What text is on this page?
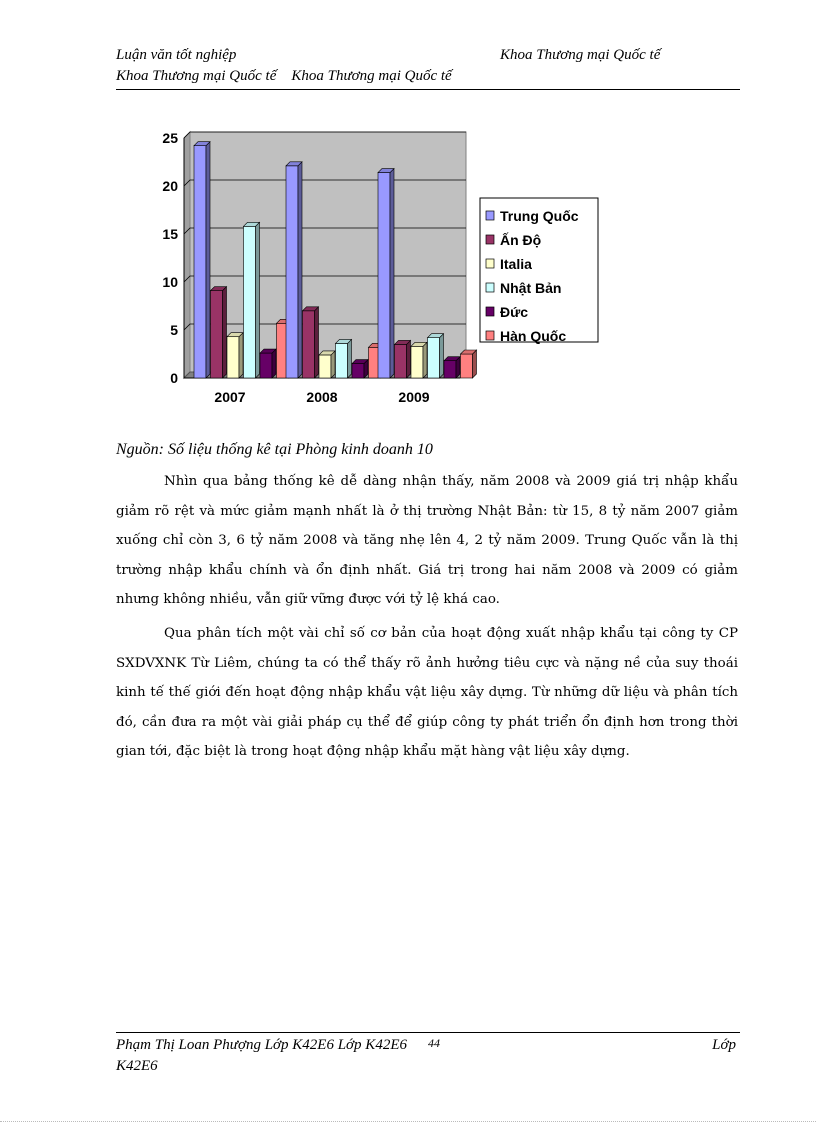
Luận văn tốt nghiệp	Khoa Thương mại Quốc tế
Khoa Thương mại Quốc tế    Khoa Thương mại Quốc tế
0
5
10
15
20
25
2007	2008	2009
Trung Quốc
Ấn Độ
Italia
Nhật Bản
Đức
Hàn Quốc
Nguồn: Số liệu thống kê tại Phòng kinh doanh 10
Nhìn qua bảng thống kê dễ dàng nhận thấy, năm 2008 và 2009 giá trị nhập khẩu giảm rõ rệt và mức giảm mạnh nhất là ở thị trường Nhật Bản: từ 15, 8 tỷ năm 2007 giảm xuống chỉ còn 3, 6 tỷ năm 2008 và tăng nhẹ lên 4, 2 tỷ năm 2009. Trung Quốc vẫn là thị trường nhập khẩu chính và ổn định nhất. Giá trị trong hai năm 2008 và 2009 có giảm nhưng không nhiều, vẫn giữ vững được với tỷ lệ khá cao.
Qua phân tích một vài chỉ số cơ bản của hoạt động xuất nhập khẩu tại công ty CP SXDVXNK Từ Liêm, chúng ta có thể thấy rõ ảnh hưởng tiêu cực và nặng nề của suy thoái kinh tế thế giới đến hoạt động nhập khẩu vật liệu xây dựng. Từ những dữ liệu và phân tích đó, cần đưa ra một vài giải pháp cụ thể để giúp công ty phát triển ổn định hơn trong thời gian tới, đặc biệt là trong hoạt động nhập khẩu mặt hàng vật liệu xây dựng.
Phạm Thị Loan Phượng Lớp K42E6 Lớp K42E6 44	Lớp
K42E6
